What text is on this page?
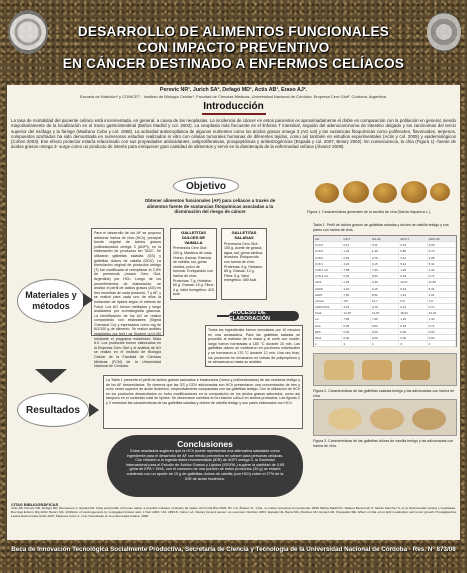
DESARROLLO DE ALIMENTOS FUNCIONALES
CON IMPACTO PREVENTIVO
EN CÁNCER DESTINADO A ENFERMOS CELÍACOS
Perovic NR¹, Jurich SA², Defagó MD¹, Actis AB¹, Eraso AJ².
Escuela de Nutrición¹ y CONICET · Instituto de Biología Celular¹, Facultad de Ciencias Médicas, Universidad Nacional de Córdoba. Empresa Cero Glut². Córdoba. Argentina.
Introducción
La tasa de mortalidad del paciente celíaco está incrementada, en general, a causa de las neoplasias. La incidencia de cáncer en estos pacientes es aproximadamente el doble en comparación con la población en general, siendo mayoritariamente de la localización en el tracto gastrointestinal (Baños Madrid y col. 2002). La neoplasia más frecuente es el linfoma T intestinal, seguido del adenocarcinoma de intestino delgado y los carcinomas del tercio superior del esófago y la faringe (Madrano Cobo y col. 1998). La actividad antineoplásica de algunos nutrientes como los ácidos grasos omega 3 (AG ω3) y las sustancias fitoquímicas como polifenoles, flavonoides, terpenos, compuestos azufrados ha sido demostrada en numerosos estudios realizados in vitro con células tumorales humanas de diferentes tejidos, como así también en estudios experimentales (Actis y col. 2005) y epidemiológicos (Cohen 2003). Ese efecto protector estaría relacionado con sus propiedades antioxidantes, antiproliferativas, proapoptóticas y antiestrogénicas (Espada y col. 2007, Belury 2002). En consecuencia, la chía (Figura 1) -fuente de ácidos grasos omega 3- surge como un producto de interés para enriquecer gran cantidad de alimentos y servir en la dietoterapia de la enfermedad celíaca (Álvarez 2008).
Figura 1. Características generales de la semilla de chía (Salvia hispanica L.).
Objetivo
Obtener alimentos funcionales (AF) para celíacos a través de alimentos fuente de sustancias fitoquímicas asociadas a la disminución del riesgo de cáncer
Para el desarrollo de los AF se propuso adicionar harina de chía (HCh), principal fuente vegetal de ácidos grasos poliinsaturados omega 3 (AGPI), en la elaboración de productos sin TACC. Se utilizaron galletitas saladas (GS) y galletitas dulces de vainilla (GDV). La formulación original de productos testigo (T) fue modificada al reemplazar el 2,5% de premezcla (marca Cero Glut, Argentina) por HCh. Luego de los procedimientos de elaboración, se analizó el perfil de ácidos grasos (AG) en tres muestras de cada producto, T y AF, y se realizó para cada uno de ellos la extracción de lípidos según el método de Folch. Los AG fueron metilados y luego analizados por cromatografía gaseosa. La identificación de los AG se realizó comparando con estándares (Sigma Chemical Co) y expresados como mg de AG/100 g de alimento. Se realizó análisis estadístico por test t de Student (p<0,05) mediante el programa estadístico Stata 8.0. Los productos fueron elaborados en la Empresa Cero Glut y el análisis de AG se realizó en el Instituto de Biología Celular de la Facultad de Ciencias Médicas (FCM) de la Universidad Nacional de Córdoba.
GALLETITAS DULCES DE VAINILLA
Premezcla Cero Glut: 100 g. Manteca de vaca, Huevo, Azúcar, Esencia de vainilla, sal, goma xántica, polvo de hornear. Enriquecido con harina de chía: Proteínas: 7 g. Hidratos: 60 g. Grasas: 15 g. Fibra: 4 g. Valor energético: 415 kcal.
GALLETITAS SALADAS
Premezcla Cero Glut: 100 g. Aceite de girasol, agua, sal, goma xántica, levadura. Enriquecido con harina de chía: Proteínas: 6 g. Hidratos: 65 g. Grasas: 12 g. Fibra: 5 g. Valor energético: 380 kcal.
Materiales y métodos
PROCESO DE ELABORACIÓN
Todos los ingredientes fueron mezclados por 10 minutos en una amasadora. Para las galletitas saladas se procedió al estirado de la masa y al corte con molde; luego fueron horneadas a 180 °C durante 15 min. Las galletitas dulces se moldearon en porciones individuales y se hornearon a 170 °C durante 12 min. Una vez frías, los productos se envasaron en bolsas de polipropileno y se almacenaron hasta su análisis.
Tabla 1. Perfil de ácidos grasos de galletitas saladas y dulces de vainilla testigo y sus pares con harina de chía.
AG	GS-T	GS-AF	GDV-T	GDV-AF
C14:0	0,12	0,11	2,10	2,05
C16:0	1,32	1,40	6,85	6,70
C18:0	0,81	0,79	3,12	3,08
C18:1	4,20	4,15	5,44	5,31
C18:2 ω6	7,85	7,90	1,25	1,30
C18:3 ω3	0,05	0,62	0,18	0,71
AGS	2,25	2,30	12,07	11,83
AGMI	4,20	4,15	5,44	5,31
AGPI	7,90	8,52	1,43	2,01
ω6/ω3	157	12,7	6,9	1,8
AGPI/AGS	3,51	3,70	0,12	0,17
Total	14,35	14,97	18,94	19,15
LA	7,85	7,90	1,25	1,30
ALA	0,05	0,62	0,18	0,71
EPA	0,00	0,00	0,00	0,00
DHA	0,00	0,00	0,00	0,00
n	3	3	3	3
Figura 2. Características de las galletitas saladas testigo y las adicionadas con harina de chía.
Figura 3. Características de las galletitas dulces de vainilla testigo y las adicionadas con harina de chía.
Resultados
La Tabla 1 presenta el perfil de ácidos grasos saturados e insaturados (mono y poliinsaturados) de las muestras testigo y de los AF desarrollados. Se observa que las GS y GDV adicionadas con HCh presentaron una concentración de tres y ocho veces superior de ácido linolénico, respectivamente comparadas con las galletitas testigo. Con la utilización de HCh en los productos desarrollados no hubo modificaciones en la composición de los ácidos grasos saturados, como así tampoco en el contenido total de lípidos. Se observaron cambios en la relación ω6/ω3 en ambos productos. Las figuras 2 y 3 muestran las características de las galletitas saladas y dulces de vainilla testigo y sus pares elaborados con HCh.
Conclusiones
Estos resultados sugieren que la HCh puede representar una alternativa saludable como ingrediente para el desarrollo de AF con efecto preventivo en cáncer para personas celíacas. Con relación a la ingesta diaria recomendada (IDR) de AGPI omega 3, la Sociedad Internacional para el Estudio de Ácidos Grasos y Lípidos (ISSFAL) sugiere la cantidad de 0,65 g/día de EPA + DHA, con el consumo de una porción de estos productos (30 g) se estaría cubriendo con un aporte de 10 g de galletitas dulces de vainilla (con HCh) cubre el 27% de la IDR de ácido linolénico.
CITAS BIBLIOGRÁFICAS
Actis AB, Perovic NR, Defagó MD, Beccacece C, Eynard AR. Fatty acid profile of human saliva: a possible indicator of dietary fat intake. Arch Oral Biol 2005; 50: 1-6. Álvarez JL. Chía, un cultivo ancestral con potencial. 2008. Baños Madrid R, Salama Benerroch H, Morán Sánchez S, et al. Enfermedad celíaca y neoplasias. Rev Esp Enferm Dig 2002. Belury MA. Inhibition of carcinogenesis by conjugated linoleic acid. J Nutr 2002; 132: 2995-8. Cohen LA. Dietary fat and cancer: an overview. Nutrition 2003. Espada CE, Berra MA, Martinez MJ, Eynard AR, Pasqualini ME. Effect of chia oil on lipid metabolism and tumor growth. Prostaglandins Leukot Essent Fatty Acids 2007. Madrano Cobo A, et al. Neoplasias en la enfermedad celíaca. 1998.
Beca de Innovación Tecnológica Socialmente Productiva, Secretaría de Ciencia y Tecnología de la Universidad Nacional de Córdoba · Res. N° 873/08
